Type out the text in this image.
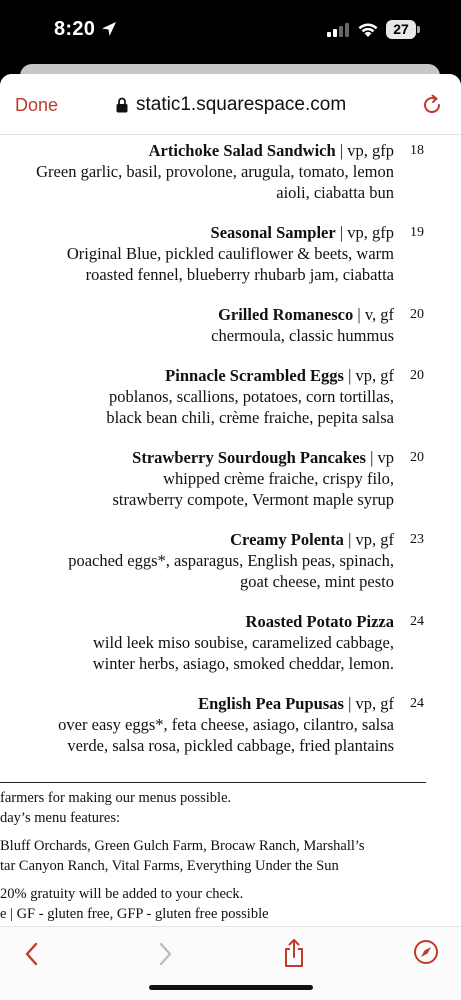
8:20	27
Done	static1.squarespace.com
Artichoke Salad Sandwich | vp, gfp
Green garlic, basil, provolone, arugula, tomato, lemon
aioli, ciabatta bun
18
Seasonal Sampler | vp, gfp
Original Blue, pickled cauliflower & beets, warm
roasted fennel, blueberry rhubarb jam, ciabatta
19
Grilled Romanesco | v, gf
chermoula, classic hummus
20
Pinnacle Scrambled Eggs | vp, gf
poblanos, scallions, potatoes, corn tortillas,
black bean chili, crème fraiche, pepita salsa
20
Strawberry Sourdough Pancakes | vp
whipped crème fraiche, crispy filo,
strawberry compote, Vermont maple syrup
20
Creamy Polenta | vp, gf
poached eggs*, asparagus, English peas, spinach,
goat cheese, mint pesto
23
Roasted Potato Pizza
wild leek miso soubise, caramelized cabbage,
winter herbs, asiago, smoked cheddar, lemon.
24
English Pea Pupusas | vp, gf
over easy eggs*, feta cheese, asiago, cilantro, salsa
verde, salsa rosa, pickled cabbage, fried plantains
24
farmers for making our menus possible.
day’s menu features:
Bluff Orchards, Green Gulch Farm, Brocaw Ranch, Marshall’s
tar Canyon Ranch, Vital Farms, Everything Under the Sun
20% gratuity will be added to your check.
e | GF - gluten free, GFP - gluten free possible
